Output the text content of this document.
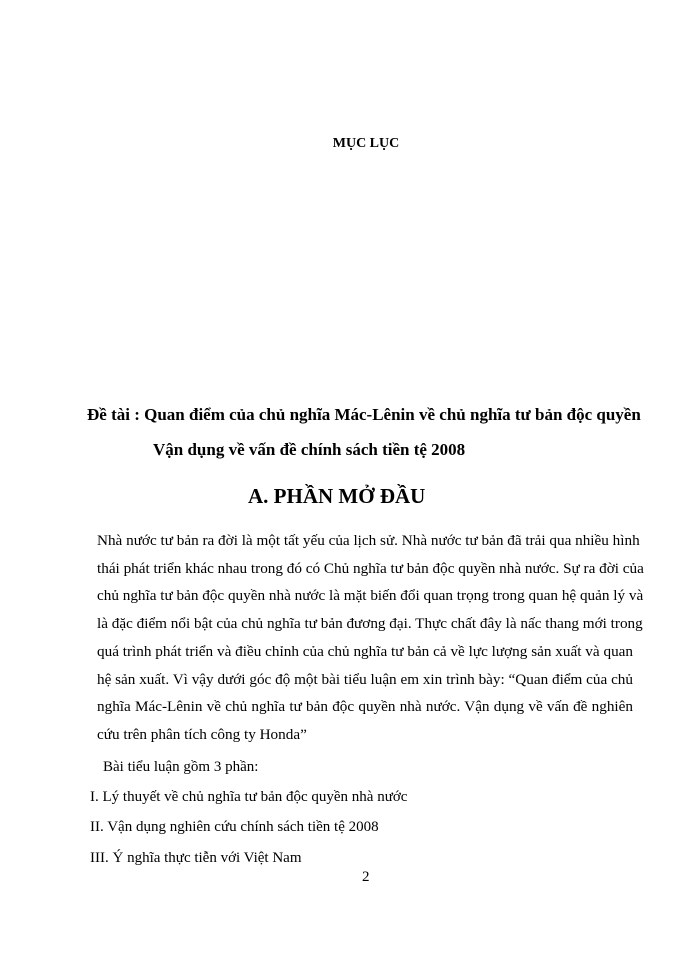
MỤC LỤC
Đề tài : Quan điểm của chủ nghĩa Mác-Lênin về chủ nghĩa tư bản độc quyền
Vận dụng về vấn đề chính sách tiền tệ 2008
A. PHẦN MỞ ĐẦU
Nhà nước tư bản ra đời là một tất yếu của lịch sử. Nhà nước tư bản đã trải qua nhiều hình
thái phát triển khác nhau trong đó có Chủ nghĩa tư bản độc quyền nhà nước. Sự ra đời của
chủ nghĩa tư bản độc quyền nhà nước là mặt biến đổi quan trọng trong quan hệ quản lý và
là đặc điểm nổi bật của chủ nghĩa tư bản đương đại. Thực chất đây là nấc thang mới trong
quá trình phát triển và điều chỉnh của chủ nghĩa tư bản cả về lực lượng sản xuất và quan
hệ sản xuất. Vì vậy dưới góc độ một bài tiểu luận em xin trình bày: “Quan điểm của chủ
nghĩa Mác-Lênin về chủ nghĩa tư bản độc quyền nhà nước. Vận dụng về vấn đề nghiên
cứu trên phân tích công ty Honda”
Bài tiểu luận gồm 3 phần:
I. Lý thuyết về chủ nghĩa tư bản độc quyền nhà nước
II. Vận dụng nghiên cứu chính sách tiền tệ 2008
III. Ý nghĩa thực tiễn với Việt Nam
2
